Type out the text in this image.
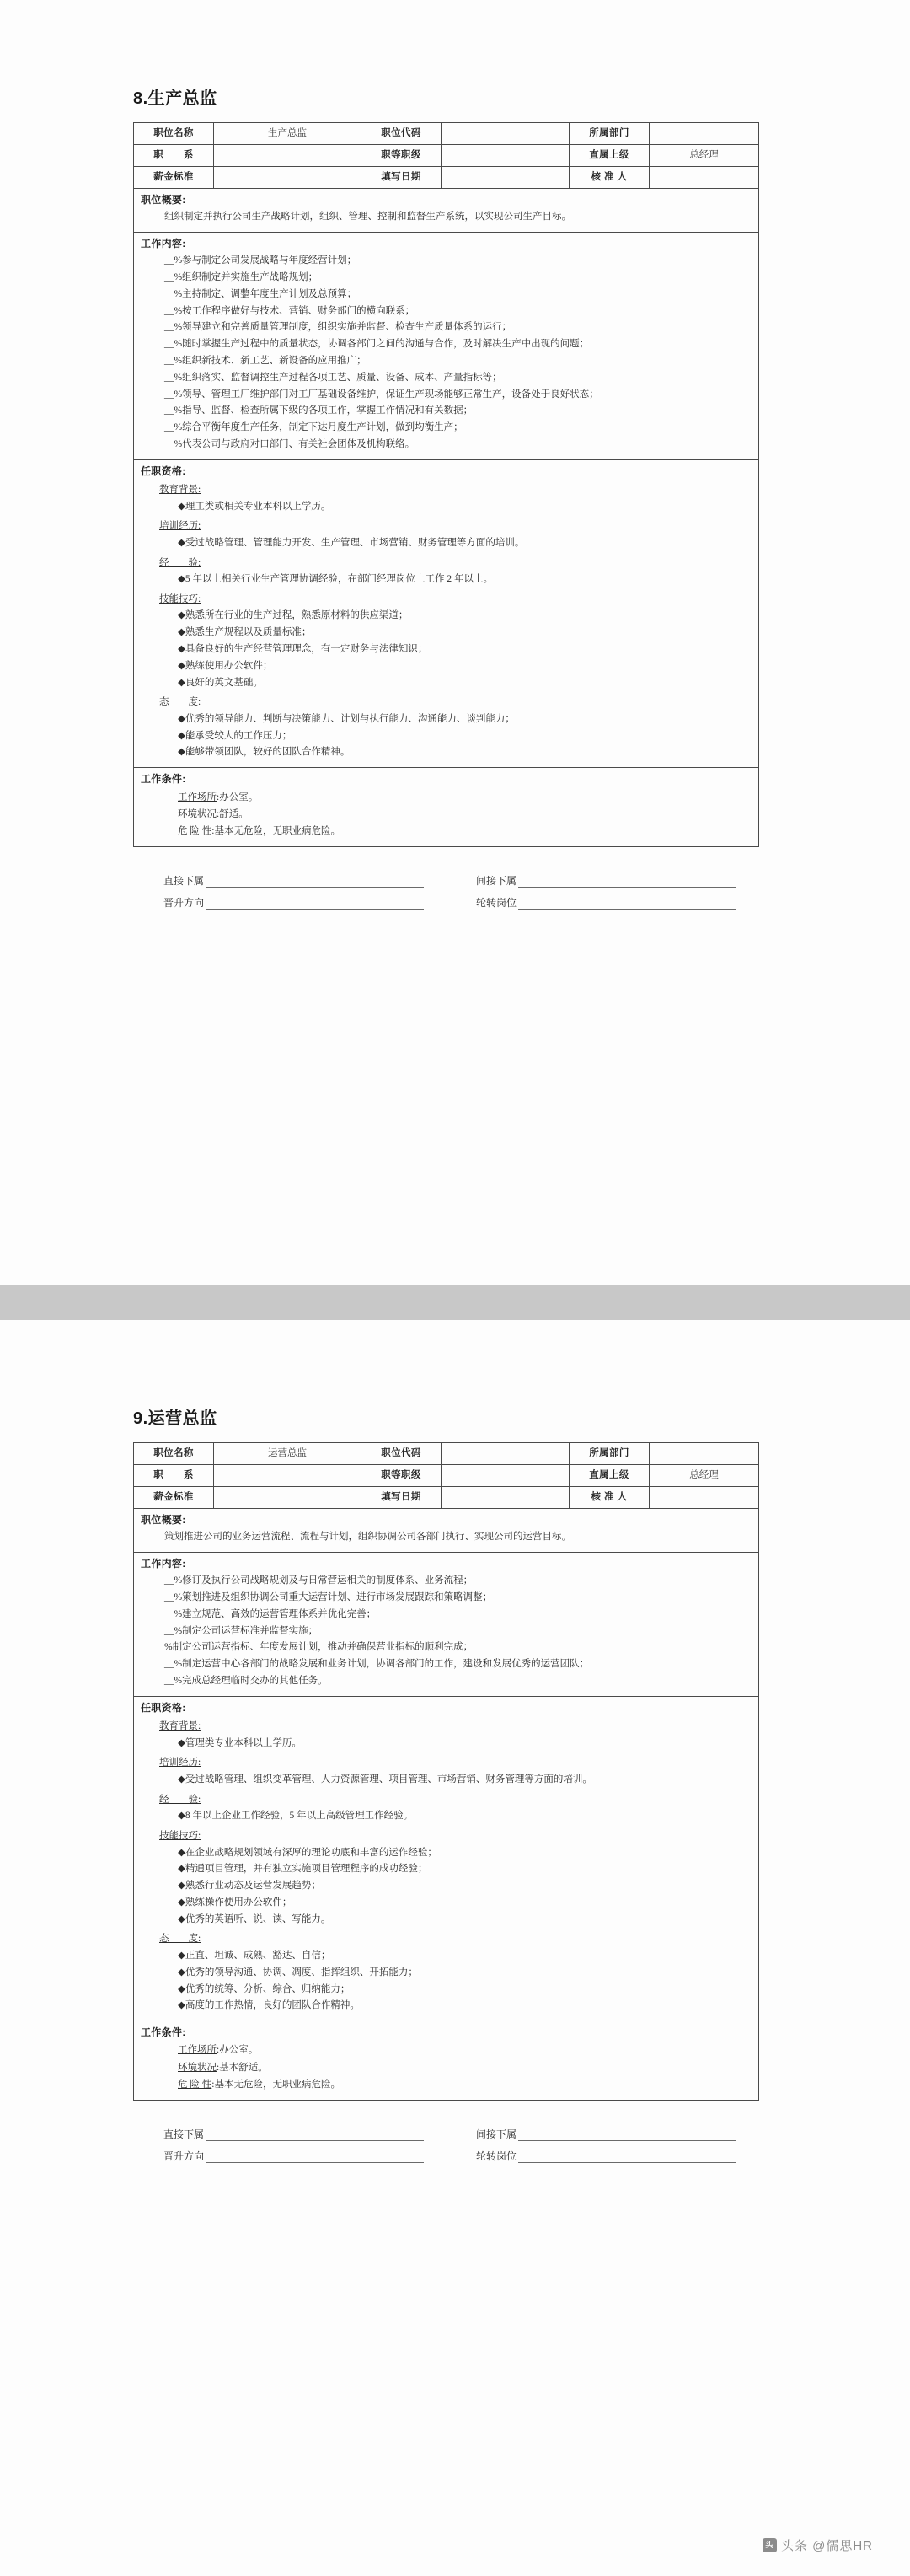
8.生产总监
职位名称	生产总监	职位代码		所属部门	
职　　系		职等职级		直属上级	总经理
薪金标准		填写日期		核 准 人	

职位概要:
组织制定并执行公司生产战略计划，组织、管理、控制和监督生产系统，以实现公司生产目标。					

工作内容:
__%参与制定公司发展战略与年度经营计划；
__%组织制定并实施生产战略规划；
__%主持制定、调整年度生产计划及总预算；
__%按工作程序做好与技术、营销、财务部门的横向联系；
__%领导建立和完善质量管理制度，组织实施并监督、检查生产质量体系的运行；
__%随时掌握生产过程中的质量状态，协调各部门之间的沟通与合作，及时解决生产中出现的问题；
__%组织新技术、新工艺、新设备的应用推广；
__%组织落实、监督调控生产过程各项工艺、质量、设备、成本、产量指标等；
__%领导、管理工厂维护部门对工厂基础设备维护，保证生产现场能够正常生产，设备处于良好状态；
__%指导、监督、检查所属下级的各项工作，掌握工作情况和有关数据；
__%综合平衡年度生产任务，制定下达月度生产计划，做到均衡生产；
__%代表公司与政府对口部门、有关社会团体及机构联络。

任职资格:
教育背景:
◆理工类或相关专业本科以上学历。
培训经历:
◆受过战略管理、管理能力开发、生产管理、市场营销、财务管理等方面的培训。
经　　验:
◆5 年以上相关行业生产管理协调经验，在部门经理岗位上工作 2 年以上。
技能技巧:
◆熟悉所在行业的生产过程，熟悉原材料的供应渠道；
◆熟悉生产规程以及质量标准；
◆具备良好的生产经营管理理念，有一定财务与法律知识；
◆熟练使用办公软件；
◆良好的英文基础。
态　　度:
◆优秀的领导能力、判断与决策能力、计划与执行能力、沟通能力、谈判能力；
◆能承受较大的工作压力；
◆能够带领团队，较好的团队合作精神。

工作条件:
工作场所:办公室。
环境状况:舒适。
危 险 性:基本无危险，无职业病危险。					
直接下属	间接下属
晋升方向	轮转岗位
9.运营总监
职位名称	运营总监	职位代码		所属部门	
职　　系		职等职级		直属上级	总经理
薪金标准		填写日期		核 准 人	

职位概要:
策划推进公司的业务运营流程、流程与计划，组织协调公司各部门执行、实现公司的运营目标。					

工作内容:
__%修订及执行公司战略规划及与日常营运相关的制度体系、业务流程；
__%策划推进及组织协调公司重大运营计划、进行市场发展跟踪和策略调整；
__%建立规范、高效的运营管理体系并优化完善；
__%制定公司运营标准并监督实施；
%制定公司运营指标、年度发展计划，推动并确保营业指标的顺利完成；
__%制定运营中心各部门的战略发展和业务计划，协调各部门的工作，建设和发展优秀的运营团队；
__%完成总经理临时交办的其他任务。

任职资格:
教育背景:
◆管理类专业本科以上学历。
培训经历:
◆受过战略管理、组织变革管理、人力资源管理、项目管理、市场营销、财务管理等方面的培训。
经　　验:
◆8 年以上企业工作经验，5 年以上高级管理工作经验。
技能技巧:
◆在企业战略规划领域有深厚的理论功底和丰富的运作经验；
◆精通项目管理，并有独立实施项目管理程序的成功经验；
◆熟悉行业动态及运营发展趋势；
◆熟练操作使用办公软件；
◆优秀的英语听、说、读、写能力。
态　　度:
◆正直、坦诚、成熟、豁达、自信；
◆优秀的领导沟通、协调、凋度、指挥组织、开拓能力；
◆优秀的统筹、分析、综合、归纳能力；
◆高度的工作热情，良好的团队合作精神。

工作条件:
工作场所:办公室。
环境状况:基本舒适。
危 险 性:基本无危险，无职业病危险。					
直接下属	间接下属
晋升方向	轮转岗位
头 头条 @儒思HR
